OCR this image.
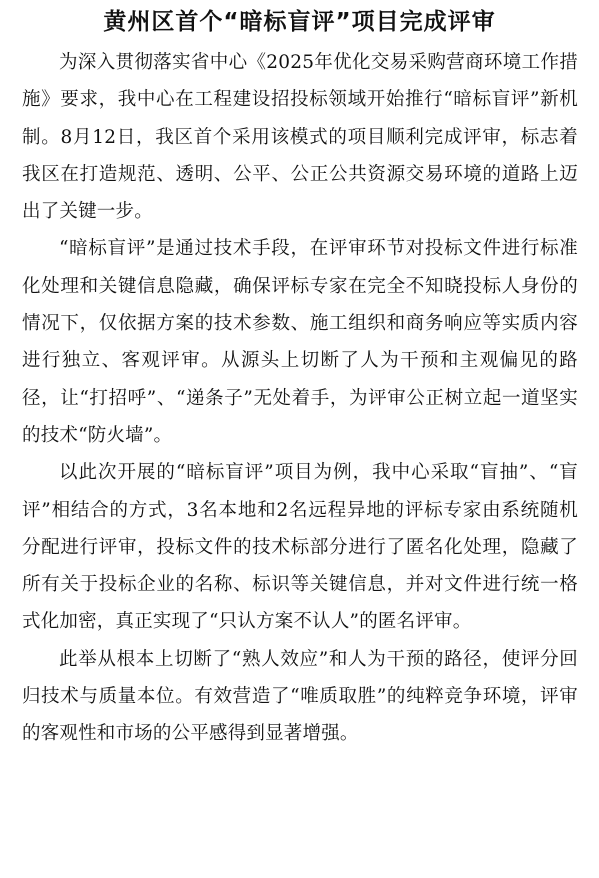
黄州区首个“暗标盲评”项目完成评审

为深入贯彻落实省中心《2025年优化交易采购营商环境工作措施》要求，我中心在工程建设招投标领域开始推行“暗标盲评”新机制。8月12日，我区首个采用该模式的项目顺利完成评审，标志着我区在打造规范、透明、公平、公正公共资源交易环境的道路上迈出了关键一步。

“暗标盲评”是通过技术手段，在评审环节对投标文件进行标准化处理和关键信息隐藏，确保评标专家在完全不知晓投标人身份的情况下，仅依据方案的技术参数、施工组织和商务响应等实质内容进行独立、客观评审。从源头上切断了人为干预和主观偏见的路径，让“打招呼”、“递条子”无处着手，为评审公正树立起一道坚实的技术“防火墙”。

以此次开展的“暗标盲评”项目为例，我中心采取“盲抽”、“盲评”相结合的方式，3名本地和2名远程异地的评标专家由系统随机分配进行评审，投标文件的技术标部分进行了匿名化处理，隐藏了所有关于投标企业的名称、标识等关键信息，并对文件进行统一格式化加密，真正实现了“只认方案不认人”的匿名评审。

此举从根本上切断了“熟人效应”和人为干预的路径，使评分回归技术与质量本位。有效营造了“唯质取胜”的纯粹竞争环境，评审的客观性和市场的公平感得到显著增强。
